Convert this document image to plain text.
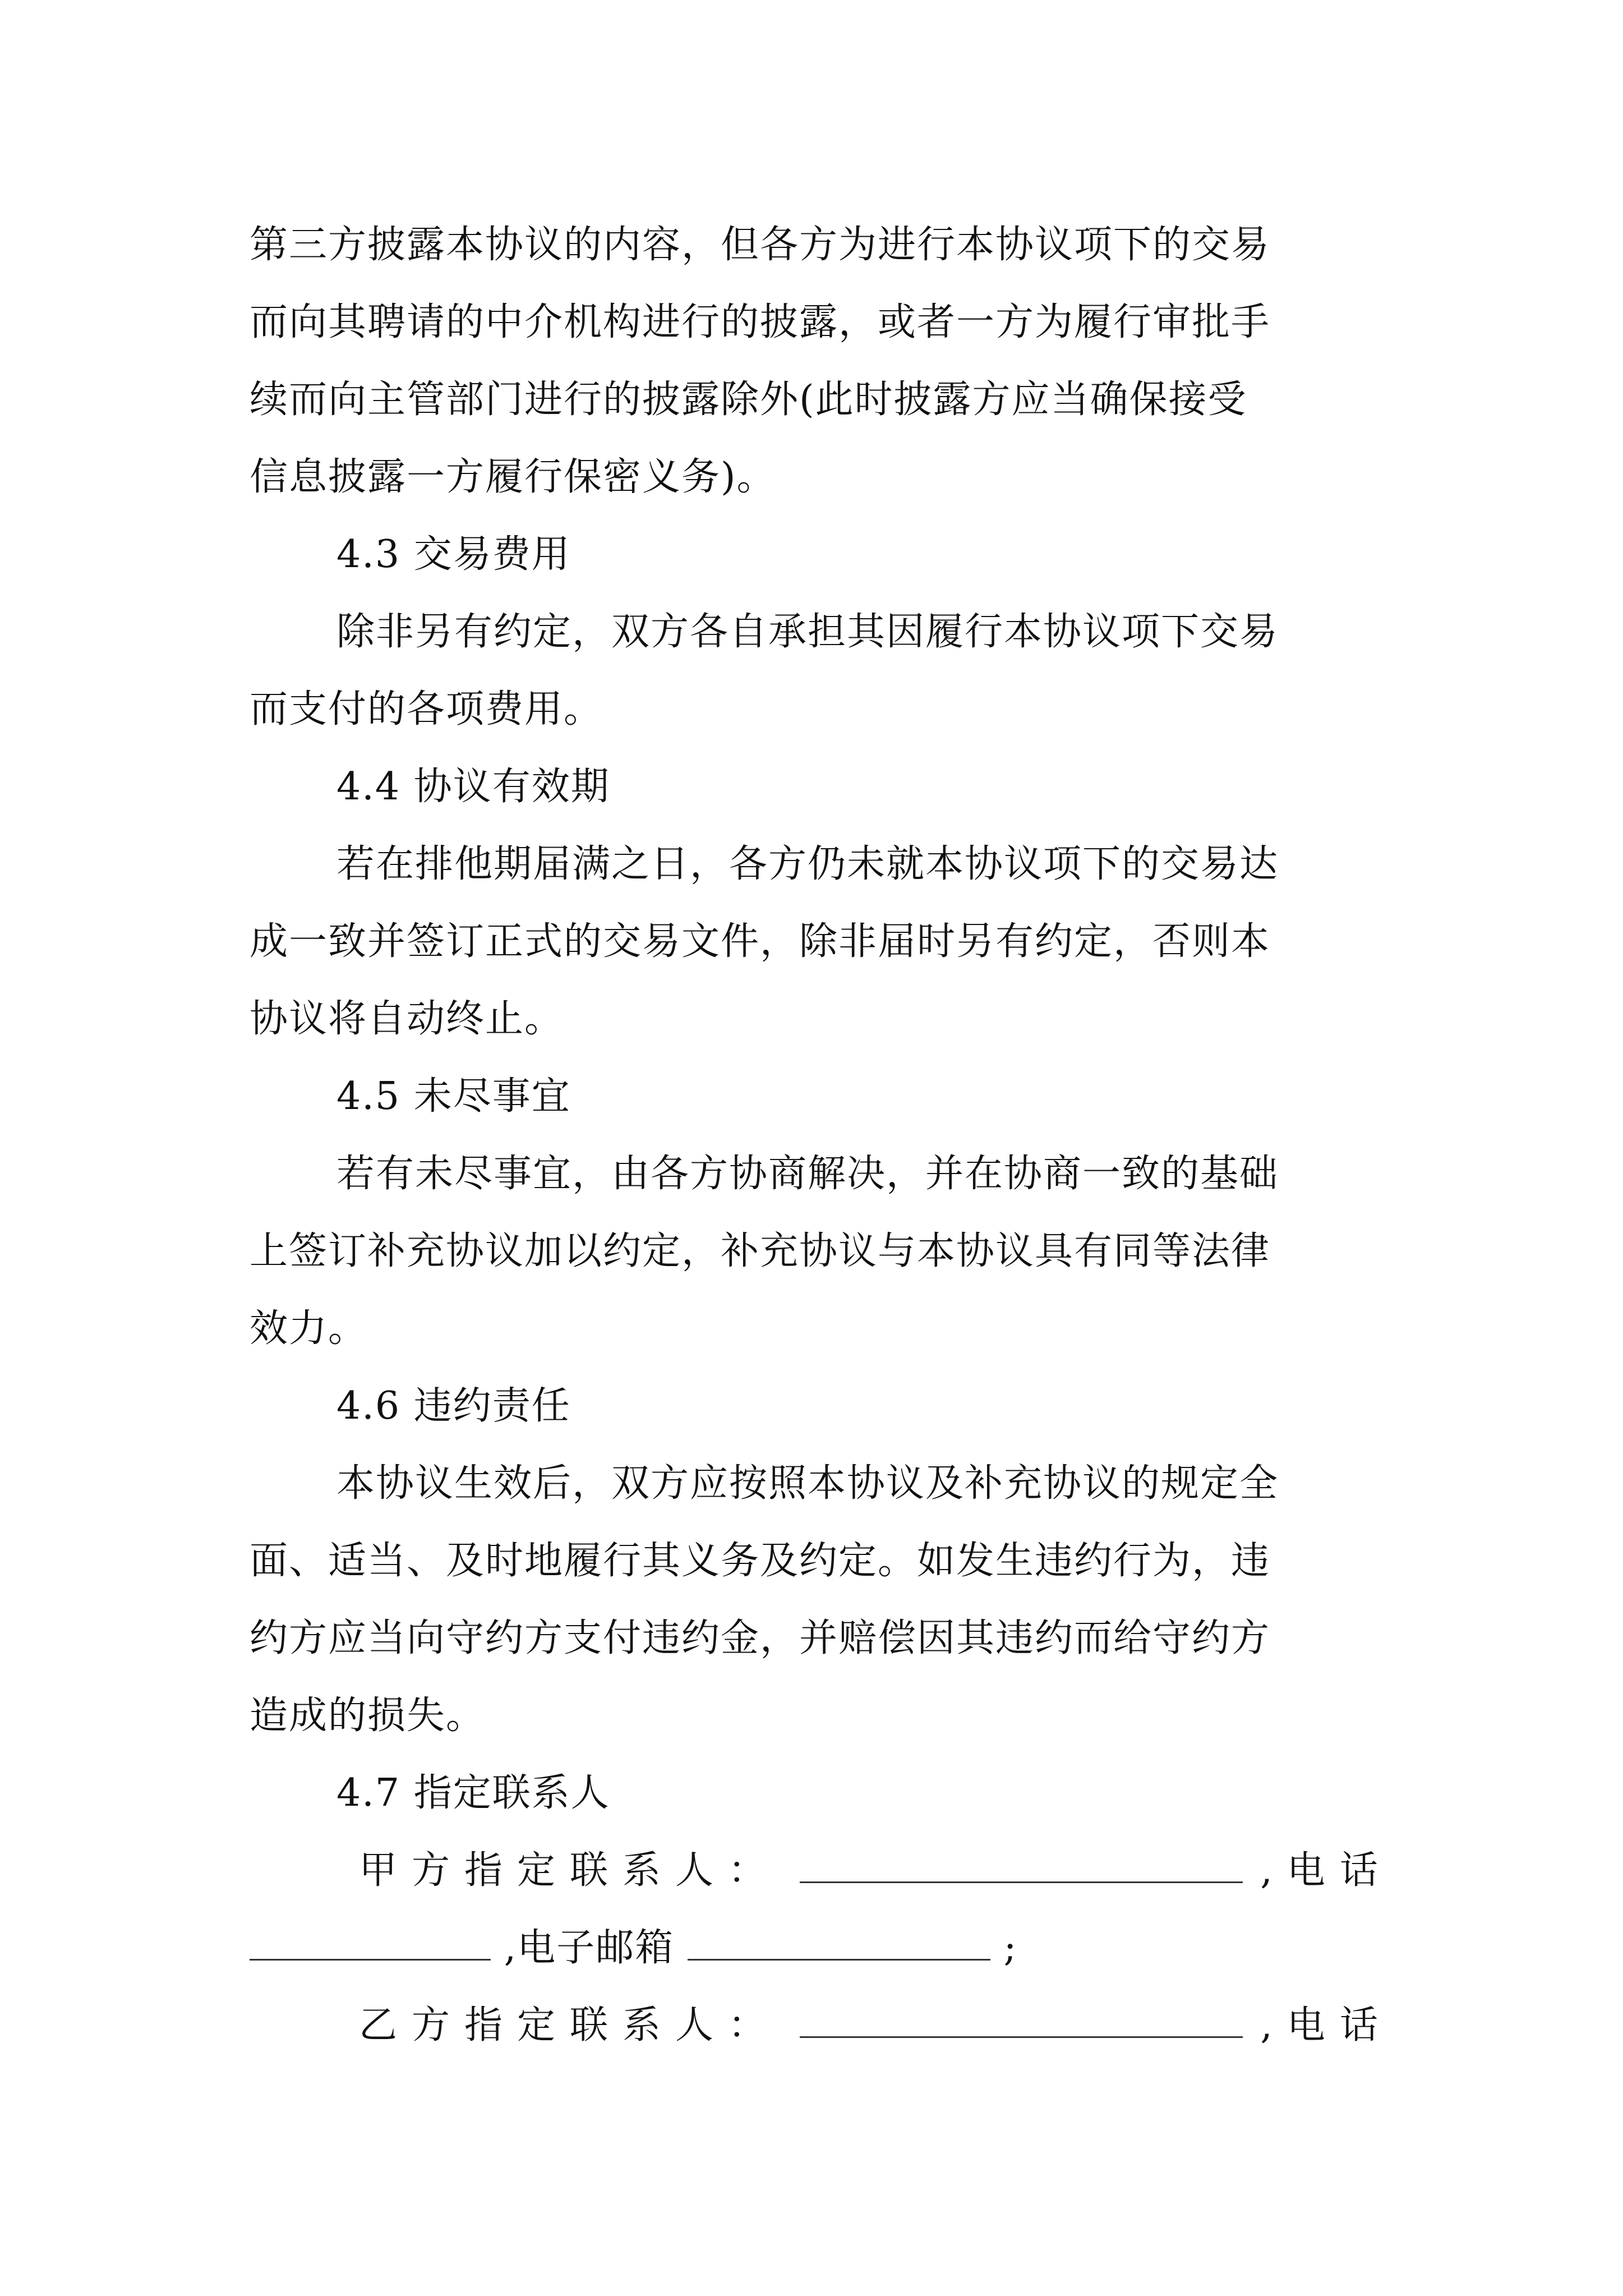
第三方披露本协议的内容，但各方为进行本协议项下的交易
而向其聘请的中介机构进行的披露，或者一方为履行审批手
续而向主管部门进行的披露除外(此时披露方应当确保接受
信息披露一方履行保密义务)。
4.3 交易费用
除非另有约定，双方各自承担其因履行本协议项下交易
而支付的各项费用。
4.4 协议有效期
若在排他期届满之日，各方仍未就本协议项下的交易达
成一致并签订正式的交易文件，除非届时另有约定，否则本
协议将自动终止。
4.5 未尽事宜
若有未尽事宜，由各方协商解决，并在协商一致的基础
上签订补充协议加以约定，补充协议与本协议具有同等法律
效力。
4.6 违约责任
本协议生效后，双方应按照本协议及补充协议的规定全
面、适当、及时地履行其义务及约定。如发生违约行为，违
约方应当向守约方支付违约金，并赔偿因其违约而给守约方
造成的损失。
4.7 指定联系人
甲方指定联系人：	,电话
,电子邮箱	;
乙方指定联系人：	,电话
